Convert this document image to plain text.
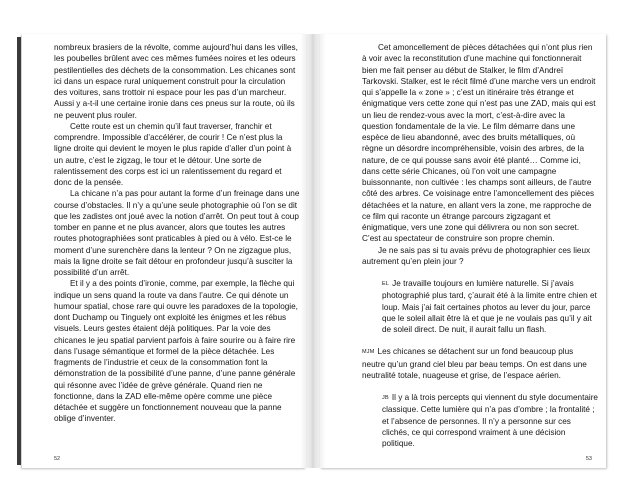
nombreux brasiers de la révolte, comme aujourd’hui dans les villes, les poubelles brûlent avec ces mêmes fumées noires et les odeurs pestilentielles des déchets de la consommation. Les chicanes sont ici dans un espace rural uniquement construit pour la circulation des voitures, sans trottoir ni espace pour les pas d’un marcheur. Aussi y a-t-il une certaine ironie dans ces pneus sur la route, où ils ne peuvent plus rouler.

Cette route est un chemin qu’il faut traverser, franchir et comprendre. Impossible d’accélérer, de courir ! Ce n’est plus la ligne droite qui devient le moyen le plus rapide d’aller d’un point à un autre, c’est le zigzag, le tour et le détour. Une sorte de ralentissement des corps est ici un ralentissement du regard et donc de la pensée.

La chicane n’a pas pour autant la forme d’un freinage dans une course d’obstacles. Il n’y a qu’une seule photographie où l’on se dit que les zadistes ont joué avec la notion d’arrêt. On peut tout à coup tomber en panne et ne plus avancer, alors que toutes les autres routes photographiées sont praticables à pied ou à vélo. Est-ce le moment d’une surenchère dans la lenteur ? On ne zigzague plus, mais la ligne droite se fait détour en profondeur jusqu’à susciter la possibilité d’un arrêt.

Et il y a des points d’ironie, comme, par exemple, la flèche qui indique un sens quand la route va dans l’autre. Ce qui dénote un humour spatial, chose rare qui ouvre les paradoxes de la topologie, dont Duchamp ou Tinguely ont exploité les énigmes et les rébus visuels. Leurs gestes étaient déjà politiques. Par la voie des chicanes le jeu spatial parvient parfois à faire sourire ou à faire rire dans l’usage sémantique et formel de la pièce détachée. Les fragments de l’industrie et ceux de la consommation font la démonstration de la possibilité d’une panne, d’une panne générale qui résonne avec l’idée de grève générale. Quand rien ne fonctionne, dans la ZAD elle-même opère comme une pièce détachée et suggère un fonctionnement nouveau que la panne oblige d’inventer.

52

Cet amoncellement de pièces détachées qui n’ont plus rien à voir avec la reconstitution d’une machine qui fonctionnerait bien me fait penser au début de Stalker, le film d’Andreï Tarkovski. Stalker, est le récit filmé d’une marche vers un endroit qui s’appelle la « zone » ; c’est un itinéraire très étrange et énigmatique vers cette zone qui n’est pas une ZAD, mais qui est un lieu de rendez-vous avec la mort, c’est-à-dire avec la question fondamentale de la vie. Le film démarre dans une espèce de lieu abandonné, avec des bruits métalliques, où règne un désordre incompréhensible, voisin des arbres, de la nature, de ce qui pousse sans avoir été planté… Comme ici, dans cette série Chicanes, où l’on voit une campagne buissonnante, non cultivée : les champs sont ailleurs, de l’autre côté des arbres. Ce voisinage entre l’amoncellement des pièces détachées et la nature, en allant vers la zone, me rapproche de ce film qui raconte un étrange parcours zigzagant et énigmatique, vers une zone qui délivrera ou non son secret. C’est au spectateur de construire son propre chemin.

Je ne sais pas si tu avais prévu de photographier ces lieux autrement qu’en plein jour ?

EL Je travaille toujours en lumière naturelle. Si j’avais photographié plus tard, ç’aurait été à la limite entre chien et loup. Mais j’ai fait certaines photos au lever du jour, parce que le soleil allait être là et que je ne voulais pas qu’il y ait de soleil direct. De nuit, il aurait fallu un flash.

MJM Les chicanes se détachent sur un fond beaucoup plus neutre qu’un grand ciel bleu par beau temps. On est dans une neutralité totale, nuageuse et grise, de l’espace aérien.

JB Il y a là trois percepts qui viennent du style documentaire classique. Cette lumière qui n’a pas d’ombre ; la frontalité ; et l’absence de personnes. Il n’y a personne sur ces clichés, ce qui correspond vraiment à une décision politique.

53
